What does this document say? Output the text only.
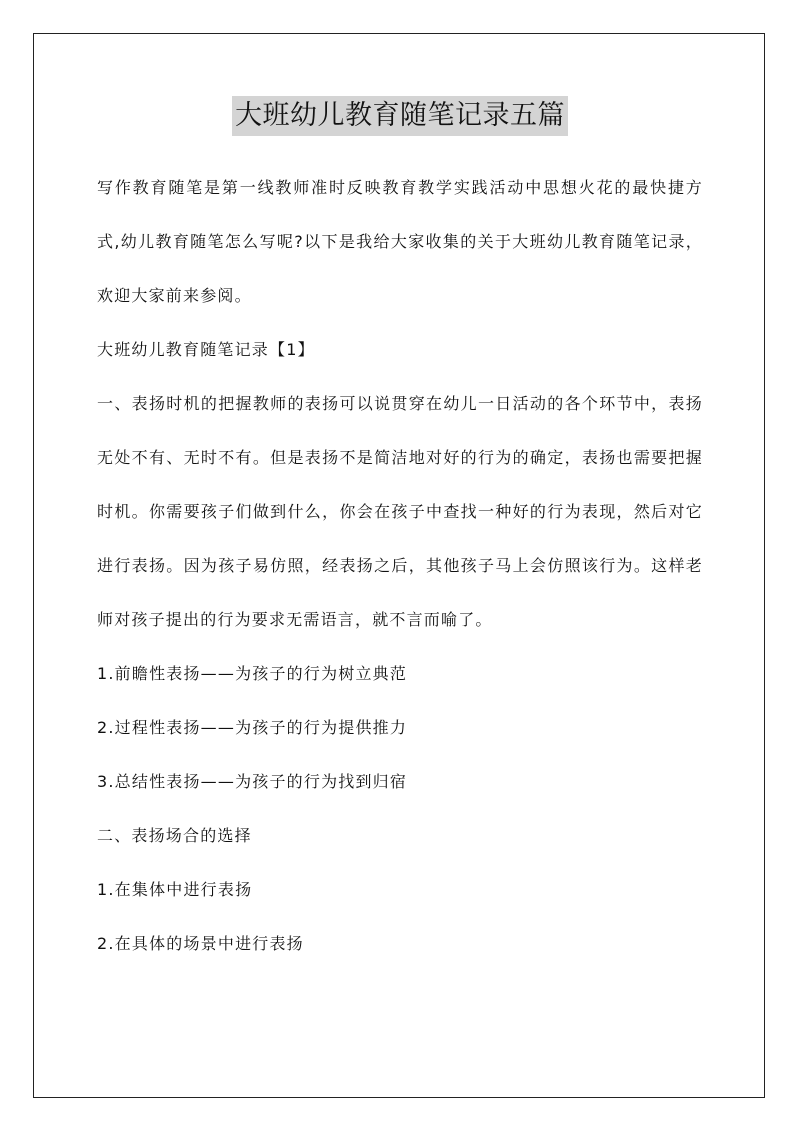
大班幼儿教育随笔记录五篇

写作教育随笔是第一线教师准时反映教育教学实践活动中思想火花的最快捷方式,幼儿教育随笔怎么写呢?以下是我给大家收集的关于大班幼儿教育随笔记录，欢迎大家前来参阅。

大班幼儿教育随笔记录【1】

一、表扬时机的把握教师的表扬可以说贯穿在幼儿一日活动的各个环节中，表扬无处不有、无时不有。但是表扬不是简洁地对好的行为的确定，表扬也需要把握时机。你需要孩子们做到什么，你会在孩子中查找一种好的行为表现，然后对它进行表扬。因为孩子易仿照，经表扬之后，其他孩子马上会仿照该行为。这样老师对孩子提出的行为要求无需语言，就不言而喻了。

1.前瞻性表扬——为孩子的行为树立典范
2.过程性表扬——为孩子的行为提供推力
3.总结性表扬——为孩子的行为找到归宿
二、表扬场合的选择
1.在集体中进行表扬
2.在具体的场景中进行表扬
